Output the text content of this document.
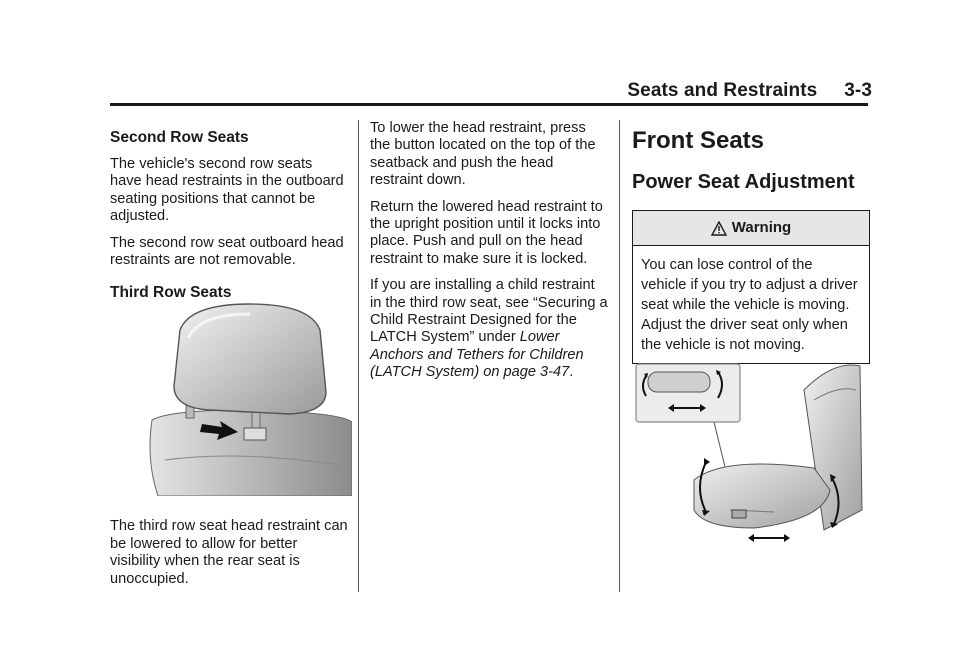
Seats and Restraints     3-3
Second Row Seats

The vehicle's second row seats have head restraints in the outboard seating positions that cannot be adjusted.

The second row seat outboard head restraints are not removable.

Third Row Seats

The third row seat head restraint can be lowered to allow for better visibility when the rear seat is unoccupied.

To lower the head restraint, press the button located on the top of the seatback and push the head restraint down.

Return the lowered head restraint to the upright position until it locks into place. Push and pull on the head restraint to make sure it is locked.

If you are installing a child restraint in the third row seat, see “Securing a Child Restraint Designed for the LATCH System” under Lower Anchors and Tethers for Children (LATCH System) on page 3-47.

Front Seats
Power Seat Adjustment
Warning
You can lose control of the vehicle if you try to adjust a driver seat while the vehicle is moving. Adjust the driver seat only when the vehicle is not moving.
